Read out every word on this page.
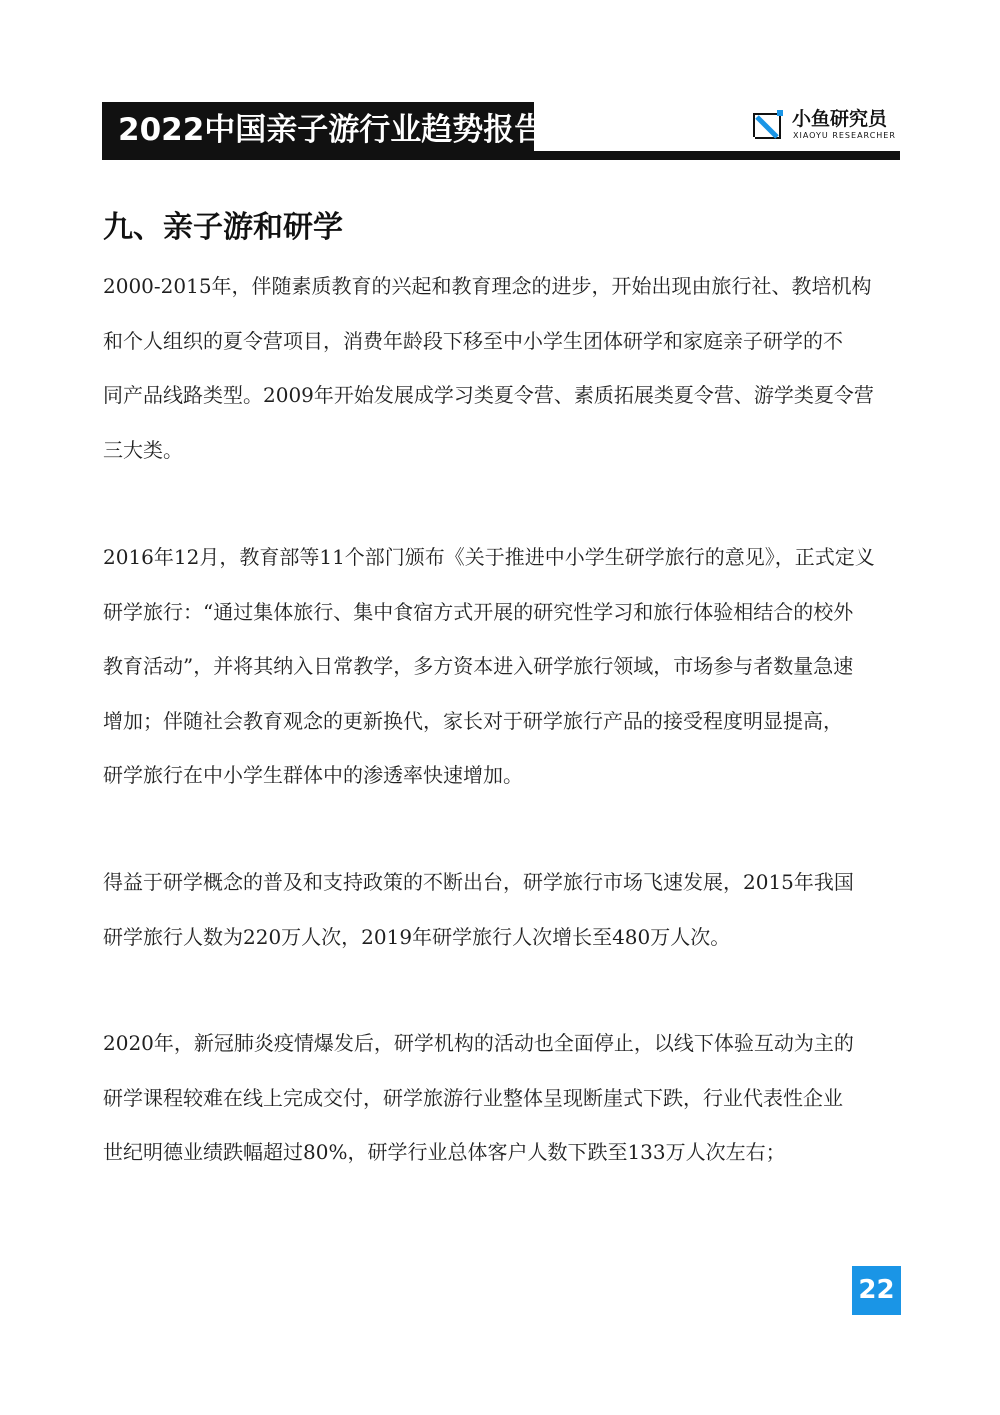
2022中国亲子游行业趋势报告	小鱼研究员
XIAOYU RESEARCHER
九、亲子游和研学
2000-2015年，伴随素质教育的兴起和教育理念的进步，开始出现由旅行社、教培机构
和个人组织的夏令营项目，消费年龄段下移至中小学生团体研学和家庭亲子研学的不
同产品线路类型。2009年开始发展成学习类夏令营、素质拓展类夏令营、游学类夏令营
三大类。
2016年12月，教育部等11个部门颁布《关于推进中小学生研学旅行的意见》，正式定义
研学旅行：“通过集体旅行、集中食宿方式开展的研究性学习和旅行体验相结合的校外
教育活动”，并将其纳入日常教学，多方资本进入研学旅行领域，市场参与者数量急速
增加；伴随社会教育观念的更新换代，家长对于研学旅行产品的接受程度明显提高，
研学旅行在中小学生群体中的渗透率快速增加。
得益于研学概念的普及和支持政策的不断出台，研学旅行市场飞速发展，2015年我国
研学旅行人数为220万人次，2019年研学旅行人次增长至480万人次。
2020年，新冠肺炎疫情爆发后，研学机构的活动也全面停止，以线下体验互动为主的
研学课程较难在线上完成交付，研学旅游行业整体呈现断崖式下跌，行业代表性企业
世纪明德业绩跌幅超过80%，研学行业总体客户人数下跌至133万人次左右；
22
